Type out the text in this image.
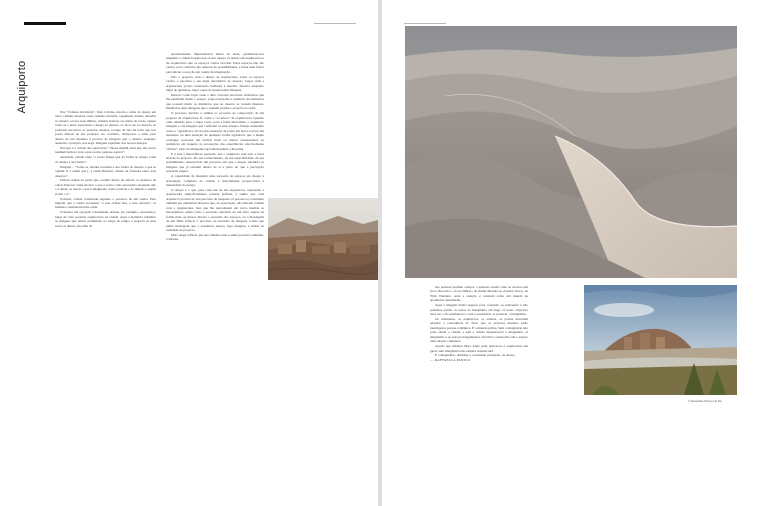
Arquiporto	Nas “Cidades Invisíveis”, Italo Calvino aborda o tema do desejo em cinco cidades desertas como cidades orientais, vagamente árabes, situadas no deserto ou nos seus limites, cidades brancas ou cheias de torres. Quase como se o autor associasse o desejo ao deserto, ao facto de, no deserto, se poderem encontrar os próprios desejos, porque ali não há nada que nos possa distrair de nós próprios. Ao contrário, obriga-nos a olhar para dentro de nós mesmos à procura de imagens que o deserto enquanto ausência, oposição, nos nega. Imagens repelidas dos nossos desejos.

Dorotea é a cidade das aspirações: “Nessa manhã senti que não havia nenhum bem na vida a que eu não pudesse aspirar”.

Anastasia, cidade onde “a nossa fadiga que dá forma ao desejo toma do desejo a sua forma”.

Despina – “Todas as cidades recebem a sua forma do deserto a que se opõem. E é assim que (...) vêem Despina, cidade de fronteira entre dois desertos”.

Fedora cidade de pedra que contém dentro de esferas os modelos de outras Fedoras “uma encerra o que é aceite como necessário enquanto não o é ainda; as outras o que é imaginado como possível e no minuto a seguir já não o é”.

Zobaida, cidade construída segundo o percurso de um sonho. Para impedir que o sonho escapasse “a esta cidade feia, a esta ratoeira”, os homens construíram uma saída.

O deserto em oposição à densidade, urbana, por exemplo, representa a lugar de cada possível arquitectura ou cidade. Aqui a memória relembra as imagens que temos acumulado ao longo do tempo e projecta as suas sobre as dunas, em cima da

aparentemente imperturbável linura da areia, permitindo-nos imaginar a cidade forjada pelo nosso desejo. O desejo em arquitectura e de arquitectura que os espaços vazios evocam. Estes espaços não são vazios, pelo contrário são repletos de possibilidades, e basta uma faísca para iniciar a reacção em cadeia da imaginação.

Não o projecto, mas o desejo de arquitectura, sobre os espaços vazios, e encontra o seu lugar automático no deserto. Lugar onde a arquitectura (como construção humana) é ausente. Deserto enquanto lugar de quimeras, lugar capaz de desencadear imagens.

Deserto como lugar onde o olho converte encontrar obstáculos que lhe permitam medir o espaço, proporciona-lhe a ausência de elementos que possam medir as distâncias que no deserto se tornam imensas. Distâncias entre imagens que o homem produz e projecta ao redor.

O processo descrito é similar ao processo de composição de um projecto de arquitectura. É, como o “acontece” da arquitectura. Quando onde olhando para o lugar vazio, para a folha imaculada, o arquitecto imagina e cria imagens que confluem os seus desejos. Desejo entendido como a “agradável e alvoroçada sensação de poder em breve reviver um momento ou uma situação de qualquer forma agradável, que a mente consegue recreosar em formas mais ou menos evanescentes ou realísticas em respeito às percepções das experiências efectivamente vividas”. http://it.wikipedia.org/wiki/desiderio, (Rosolia).

E é esta a maravilhosa operação que o arquitecto está apto a fazer através do projecto. Do seu conhecimento, da sua especificidade, da sua sensibilidade: desenvolver um processo em que o desejo relembra as imagens que já existem dentro de si e parte do que a percepção sensorial sugere.

A capacidade de imaginar uma sucessão de espaços até chegar à articulação complexa da cidade, é directamente proporcional à intensidade do desejo.

O desejo é o que, para cada um de nós arquitectos, representa a arquitectura subjectivamente tornada perfeita, é aquilo que cada arquitecto procura no seu percurso de pesquisa. O percurso é construído também por elementos diversos que, na apreciação, não têm um comum com a arquitectura, mas que lhe reproduzem em curva medida os mecanismos: assim como a sucessão narrativa de um livro sugere de forma mais ou menos directa a sucessão dos espaços, ou a montagem de um filme reflecte o processo de sucessão de imagens. Como que numa montagem que o arquitecto desejo, logo imagina, e traduz na realidade do projecto.

Marc Augé reflecte que nas cidades onde é ainda possível caminhar, à diferen-

são pedonal permite compor o passado assim como se escreve um livro. Recordo o «Caro Diário» de Nanni Moretti ou «Lisbon Story» de Wim Wenders, onde a atenção é centrada sobre um mundo de aparências desenhadas.

Aqui a imagem indica lugares para construir ou reinventar e não podemos perder os rastos do imaginário em fuga. O nosso objectivo deve ser o de restabelecer o real e ressuscitar, se possível, o imaginário.

Os urbanistas, os arquitectos, os artistas, os poetas deveriam adquirir a consciência do facto que os próprios destinos estão interligados porque é idêntica. É a matéria prima. Sem o imaginário não pode existir a cidade; a sem a cidade desaparecerá o imaginário. O imaginário e as suas prolongamentos afectivos constroem com o espaço uma relação complexa.

Aquilo que afirmou Marc Augé pode aplicar-se à arquitectura em geral: sem imaginário não existirá arquitectura.

E o imaginário, também, é construído sobretudo, de desejo.

— RAFFAELLA PANICO
© Alessandro Taronno do Rio
